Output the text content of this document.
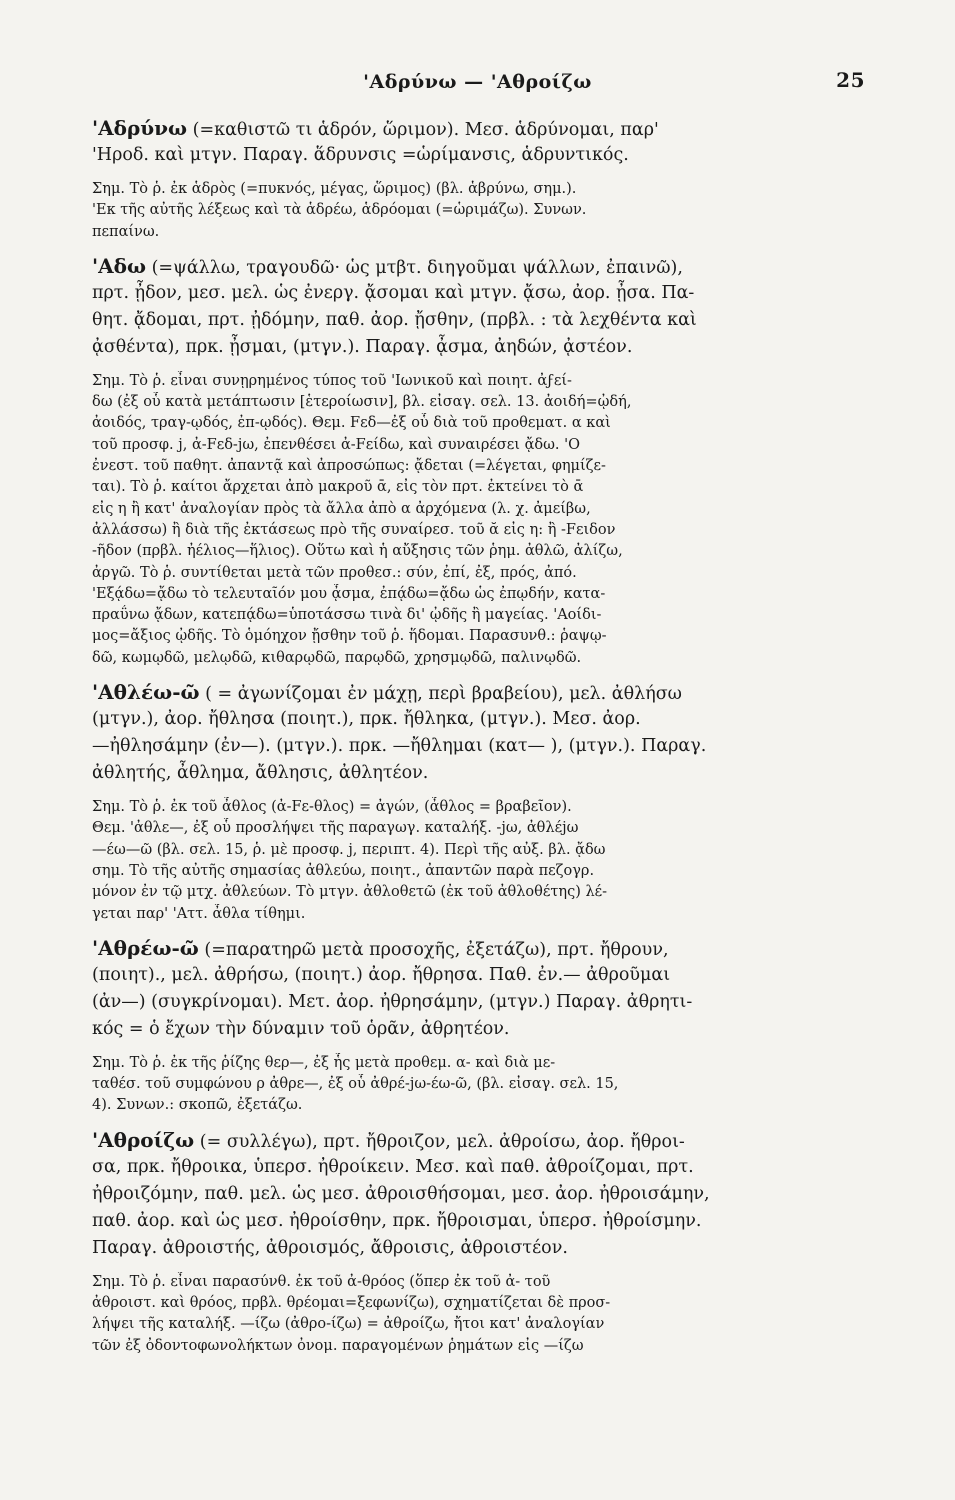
'Αδρύνω — 'Αθροίζω	25
'Αδρύνω (=καθιστῶ τι ἁδρόν, ὥριμον). Μεσ. ἁδρύνομαι, παρ'
'Ηροδ. καὶ μτγν. Παραγ. ἅδρυνσις =ὡρίμανσις, ἁδρυντικός.
Σημ. Τὸ ῥ. ἐκ ἁδρὸς (=πυκνός, μέγας, ὥριμος) (βλ. ἁβρύνω, σημ.).
'Εκ τῆς αὐτῆς λέξεως καὶ τὰ ἁδρέω, ἁδρόομαι (=ὡριμάζω). Συνων.
πεπαίνω.
'Αδω (=ψάλλω, τραγουδῶ· ὡς μτβτ. διηγοῦμαι ψάλλων, ἐπαινῶ),
πρτ. ᾖδον, μεσ. μελ. ὡς ἐνεργ. ᾄσομαι καὶ μτγν. ᾄσω, ἀορ. ᾖσα. Πα-
θητ. ᾄδομαι, πρτ. ᾐδόμην, παθ. ἀορ. ᾔσθην, (πρβλ. : τὰ λεχθέντα καὶ
ᾀσθέντα), πρκ. ᾖσμαι, (μτγν.). Παραγ. ᾆσμα, ἀηδών, ᾀστέον.
Σημ. Τὸ ῥ. εἶναι συνῃρημένος τύπος τοῦ 'Ιωνικοῦ καὶ ποιητ. ἀϝεί-
δω (ἐξ οὗ κατὰ μετάπτωσιν [ἑτεροίωσιν], βλ. εἰσαγ. σελ. 13. ἀοιδή=ᾠδή,
ἀοιδός, τραγ-ῳδός, ἐπ-ῳδός). Θεμ. Fεδ—ἐξ οὗ διὰ τοῦ προθεματ. α καὶ
τοῦ προσφ. j, ἀ-Fεδ-jω, ἐπενθέσει ἀ-Fείδω, καὶ συναιρέσει ᾄδω. 'Ο
ἐνεστ. τοῦ παθητ. ἀπαντᾷ καὶ ἀπροσώπως: ᾄδεται (=λέγεται, φημίζε-
ται). Τὸ ῥ. καίτοι ἄρχεται ἀπὸ μακροῦ ᾱ, εἰς τὸν πρτ. ἐκτείνει τὸ ᾱ
εἰς η ἢ κατ' ἀναλογίαν πρὸς τὰ ἄλλα ἀπὸ α ἀρχόμενα (λ. χ. ἀμείβω,
ἀλλάσσω) ἢ διὰ τῆς ἐκτάσεως πρὸ τῆς συναίρεσ. τοῦ ᾰ εἰς η: ἢ -Fειδον
-ῆδον (πρβλ. ἠέλιος—ἥλιος). Οὕτω καὶ ἡ αὔξησις τῶν ῥημ. ἀθλῶ, ἀλίζω,
ἀργῶ. Τὸ ῥ. συντίθεται μετὰ τῶν προθεσ.: σύν, ἐπί, ἐξ, πρός, ἀπό.
'Εξᾴδω=ᾄδω τὸ τελευταῖόν μου ᾆσμα, ἐπᾴδω=ᾄδω ὡς ἐπῳδήν, κατα-
πραΰνω ᾄδων, κατεπᾴδω=ὑποτάσσω τινὰ δι' ᾠδῆς ἢ μαγείας. 'Αοίδι-
μος=ἄξιος ᾠδῆς. Τὸ ὁμόηχον ᾔσθην τοῦ ῥ. ἥδομαι. Παρασυνθ.: ῥαψῳ-
δῶ, κωμῳδῶ, μελῳδῶ, κιθαρῳδῶ, παρῳδῶ, χρησμῳδῶ, παλινῳδῶ.
'Αθλέω-ῶ ( = ἀγωνίζομαι ἐν μάχῃ, περὶ βραβείου), μελ. ἀθλήσω
(μτγν.), ἀορ. ἤθλησα (ποιητ.), πρκ. ἤθληκα, (μτγν.). Μεσ. ἀορ.
—ἠθλησάμην (ἐν—). (μτγν.). πρκ. —ἤθλημαι (κατ— ), (μτγν.). Παραγ.
ἀθλητής, ἆθλημα, ἄθλησις, ἀθλητέον.
Σημ. Τὸ ῥ. ἐκ τοῦ ἆθλος (ἀ-Fε-θλος) = ἀγών, (ἆθλος = βραβεῖον).
Θεμ. 'ἀθλε—, ἐξ οὗ προσλήψει τῆς παραγωγ. καταλήξ. -jω, ἀθλέjω
—έω—ῶ (βλ. σελ. 15, ῥ. μὲ προσφ. j, περιπτ. 4). Περὶ τῆς αὐξ. βλ. ᾄδω
σημ. Τὸ τῆς αὐτῆς σημασίας ἀθλεύω, ποιητ., ἀπαντῶν παρὰ πεζογρ.
μόνον ἐν τῷ μτχ. ἀθλεύων. Τὸ μτγν. ἀθλοθετῶ (ἐκ τοῦ ἀθλοθέτης) λέ-
γεται παρ' 'Αττ. ἆθλα τίθημι.
'Αθρέω-ῶ (=παρατηρῶ μετὰ προσοχῆς, ἐξετάζω), πρτ. ἤθρουν,
(ποιητ)., μελ. ἀθρήσω, (ποιητ.) ἀορ. ἤθρησα. Παθ. ἐν.— ἀθροῦμαι
(ἀν—) (συγκρίνομαι). Μετ. ἀορ. ἠθρησάμην, (μτγν.) Παραγ. ἀθρητι-
κός = ὁ ἔχων τὴν δύναμιν τοῦ ὁρᾶν, ἀθρητέον.
Σημ. Τὸ ῥ. ἐκ τῆς ῥίζης θερ—, ἐξ ἧς μετὰ προθεμ. α- καὶ διὰ με-
ταθέσ. τοῦ συμφώνου ρ ἀθρε—, ἐξ οὗ ἀθρέ-jω-έω-ῶ, (βλ. εἰσαγ. σελ. 15,
4). Συνων.: σκοπῶ, ἐξετάζω.
'Αθροίζω (= συλλέγω), πρτ. ἤθροιζον, μελ. ἀθροίσω, ἀορ. ἤθροι-
σα, πρκ. ἤθροικα, ὑπερσ. ἠθροίκειν. Μεσ. καὶ παθ. ἀθροίζομαι, πρτ.
ἠθροιζόμην, παθ. μελ. ὡς μεσ. ἀθροισθήσομαι, μεσ. ἀορ. ἠθροισάμην,
παθ. ἀορ. καὶ ὡς μεσ. ἠθροίσθην, πρκ. ἤθροισμαι, ὑπερσ. ἠθροίσμην.
Παραγ. ἀθροιστής, ἀθροισμός, ἄθροισις, ἀθροιστέον.
Σημ. Τὸ ῥ. εἶναι παρασύνθ. ἐκ τοῦ ἀ-θρόος (ὅπερ ἐκ τοῦ ἀ- τοῦ
ἀθροιστ. καὶ θρόος, πρβλ. θρέομαι=ξεφωνίζω), σχηματίζεται δὲ προσ-
λήψει τῆς καταλήξ. —ίζω (ἀθρο-ίζω) = ἀθροίζω, ἤτοι κατ' ἀναλογίαν
τῶν ἐξ ὀδοντοφωνολήκτων ὀνομ. παραγομένων ῥημάτων εἰς —ίζω
